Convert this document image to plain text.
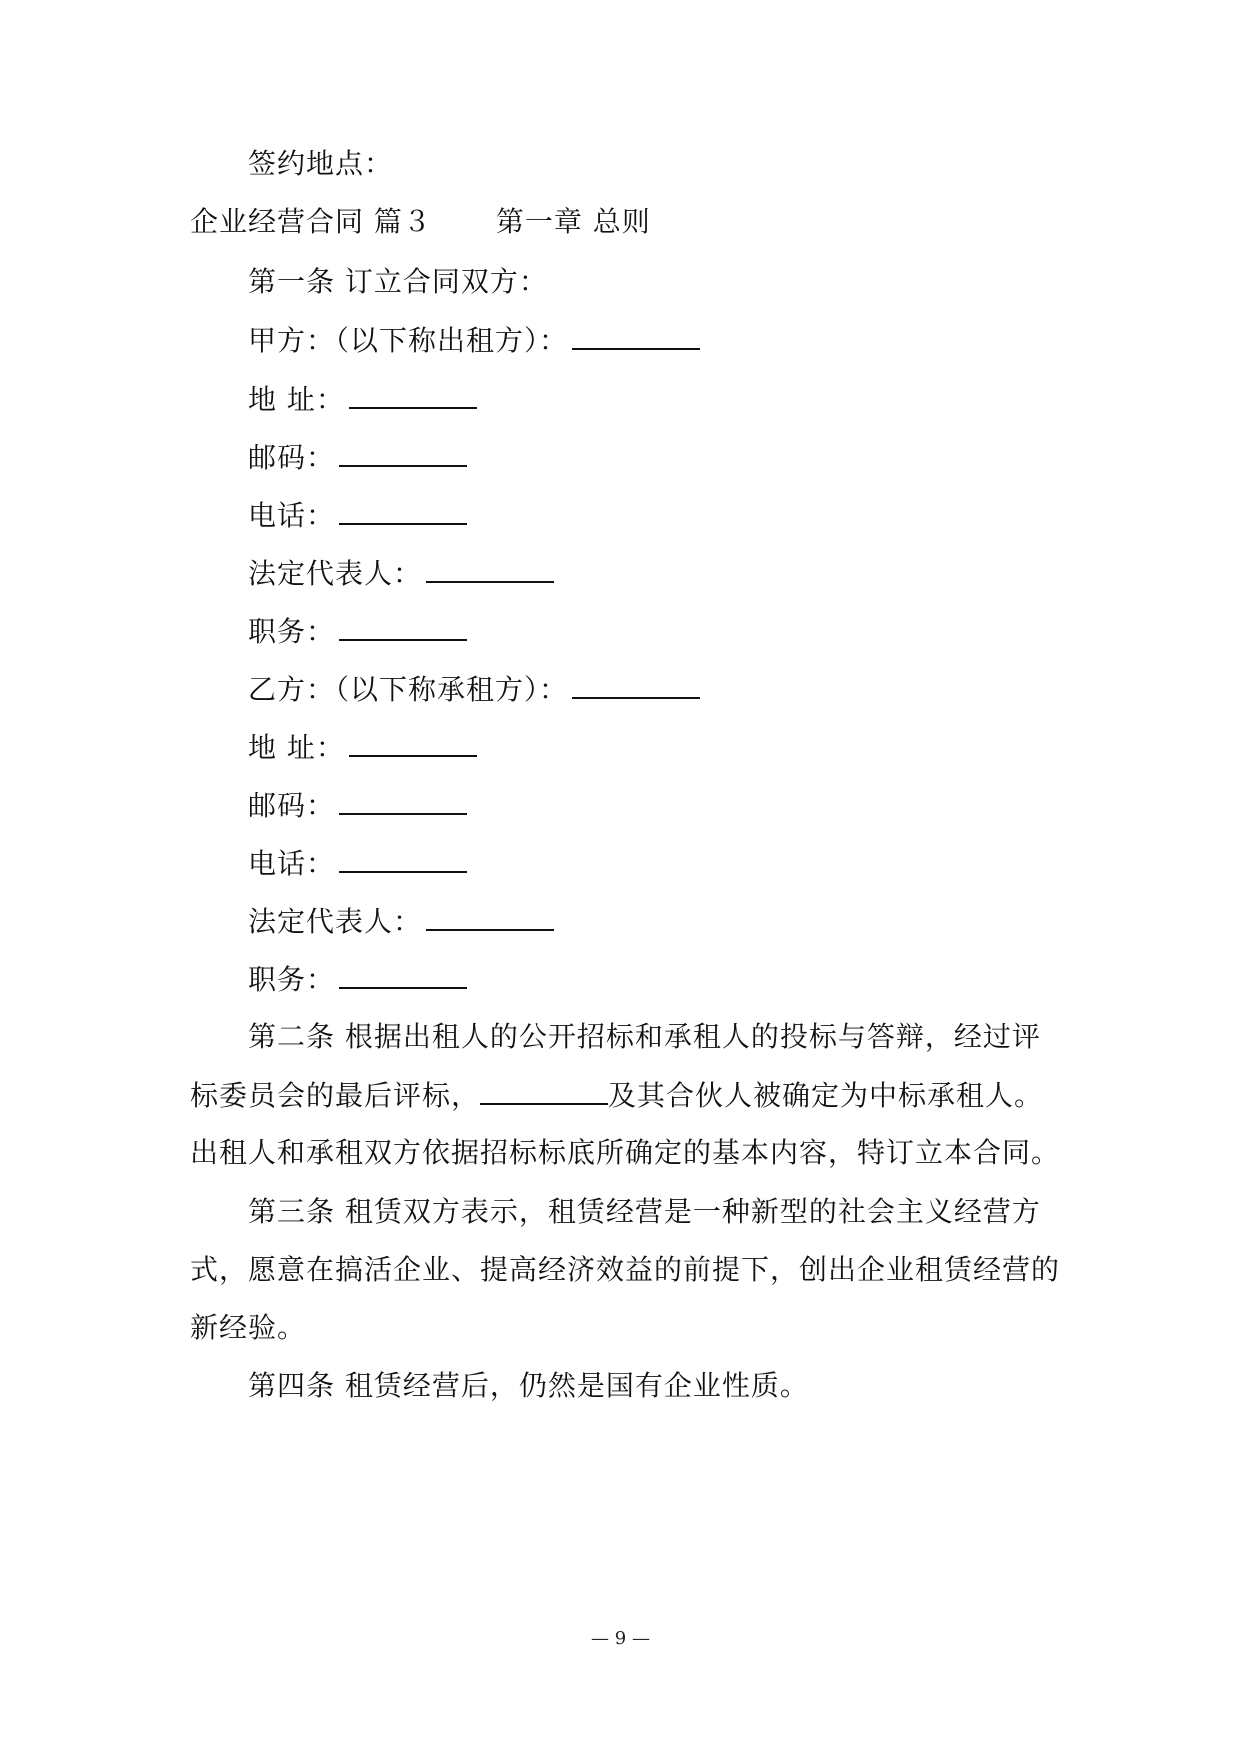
签约地点：
企业经营合同 篇３ 第一章 总则
第一条 订立合同双方：
甲方：（以下称出租方）：
地 址：
邮码：
电话：
法定代表人：
职务：
乙方：（以下称承租方）：
地 址：
邮码：
电话：
法定代表人：
职务：
第二条 根据出租人的公开招标和承租人的投标与答辩，经过评
标委员会的最后评标，	及其合伙人被确定为中标承租人。
出租人和承租双方依据招标标底所确定的基本内容，特订立本合同。
第三条 租赁双方表示，租赁经营是一种新型的社会主义经营方
式，愿意在搞活企业、提高经济效益的前提下，创出企业租赁经营的
新经验。
第四条 租赁经营后，仍然是国有企业性质。
— 9 —
